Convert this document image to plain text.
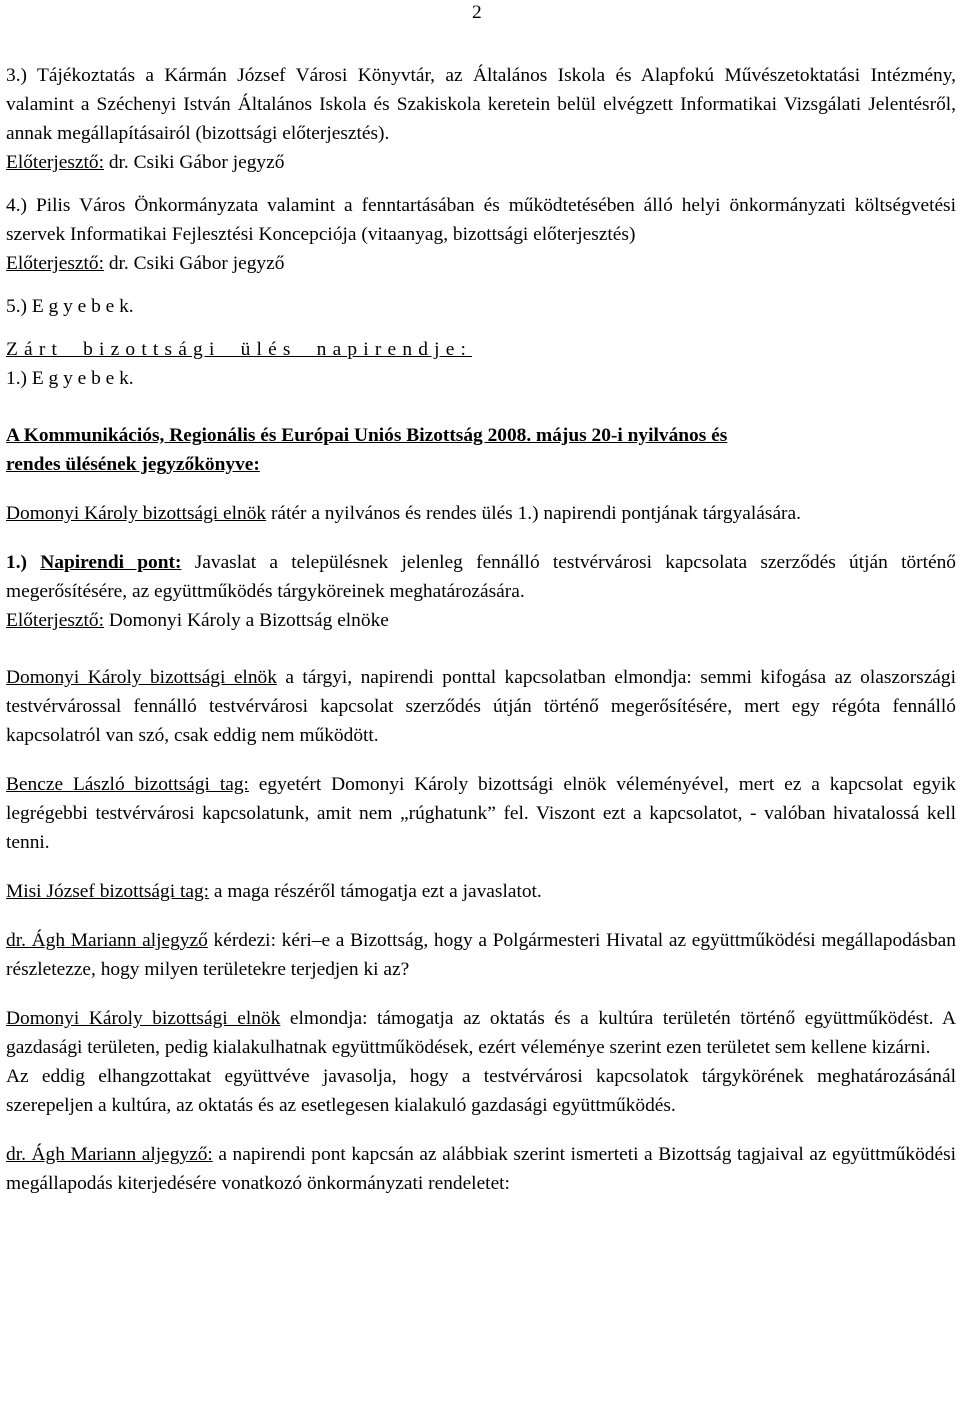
2

3.) Tájékoztatás a Kármán József Városi Könyvtár, az Általános Iskola és Alapfokú Művészetoktatási Intézmény, valamint a Széchenyi István Általános Iskola és Szakiskola keretein belül elvégzett Informatikai Vizsgálati Jelentésről, annak megállapításairól (bizottsági előterjesztés).

Előterjesztő: dr. Csiki Gábor jegyző

4.) Pilis Város Önkormányzata valamint a fenntartásában és működtetésében álló helyi önkormányzati költségvetési szervek Informatikai Fejlesztési Koncepciója (vitaanyag, bizottsági előterjesztés)

Előterjesztő: dr. Csiki Gábor jegyző

5.) E g y e b e k.

Zárt bizottsági ülés napirendje:

1.) E g y e b e k.

A Kommunikációs, Regionális és Európai Uniós Bizottság 2008. május 20-i nyilvános és

rendes ülésének jegyzőkönyve:

Domonyi Károly bizottsági elnök rátér a nyilvános és rendes ülés 1.) napirendi pontjának tárgyalására.

1.) Napirendi pont: Javaslat a településnek jelenleg fennálló testvérvárosi kapcsolata szerződés útján történő megerősítésére, az együttműködés tárgyköreinek meghatározására.

Előterjesztő: Domonyi Károly a Bizottság elnöke

Domonyi Károly bizottsági elnök a tárgyi, napirendi ponttal kapcsolatban elmondja: semmi kifogása az olaszországi testvérvárossal fennálló testvérvárosi kapcsolat szerződés útján történő megerősítésére, mert egy régóta fennálló kapcsolatról van szó, csak eddig nem működött.

Bencze László bizottsági tag: egyetért Domonyi Károly bizottsági elnök véleményével, mert ez a kapcsolat egyik legrégebbi testvérvárosi kapcsolatunk, amit nem „rúghatunk” fel. Viszont ezt a kapcsolatot, - valóban hivatalossá kell tenni.

Misi József bizottsági tag: a maga részéről támogatja ezt a javaslatot.

dr. Ágh Mariann aljegyző kérdezi: kéri–e a Bizottság, hogy a Polgármesteri Hivatal az együttműködési megállapodásban részletezze, hogy milyen területekre terjedjen ki az?

Domonyi Károly bizottsági elnök elmondja: támogatja az oktatás és a kultúra területén történő együttműködést. A gazdasági területen, pedig kialakulhatnak együttműködések, ezért véleménye szerint ezen területet sem kellene kizárni.

Az eddig elhangzottakat együttvéve javasolja, hogy a testvérvárosi kapcsolatok tárgykörének meghatározásánál szerepeljen a kultúra, az oktatás és az esetlegesen kialakuló gazdasági együttműködés.

dr. Ágh Mariann aljegyző: a napirendi pont kapcsán az alábbiak szerint ismerteti a Bizottság tagjaival az együttműködési megállapodás kiterjedésére vonatkozó önkormányzati rendeletet:
